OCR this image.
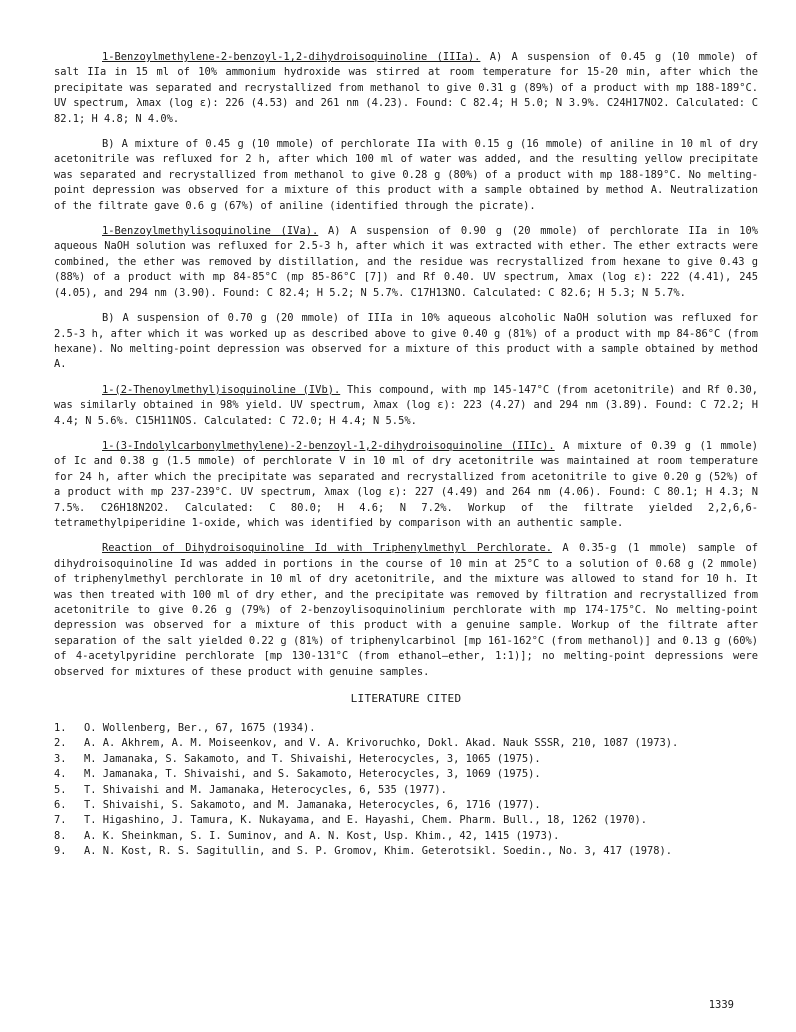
1-Benzoylmethylene-2-benzoyl-1,2-dihydroisoquinoline (IIIa). A) A suspension of 0.45 g (10 mmole) of salt IIa in 15 ml of 10% ammonium hydroxide was stirred at room temperature for 15-20 min, after which the precipitate was separated and recrystallized from methanol to give 0.31 g (89%) of a product with mp 188-189°C. UV spectrum, λmax (log ε): 226 (4.53) and 261 nm (4.23). Found: C 82.4; H 5.0; N 3.9%. C24H17NO2. Calculated: C 82.1; H 4.8; N 4.0%.

B) A mixture of 0.45 g (10 mmole) of perchlorate IIa with 0.15 g (16 mmole) of aniline in 10 ml of dry acetonitrile was refluxed for 2 h, after which 100 ml of water was added, and the resulting yellow precipitate was separated and recrystallized from methanol to give 0.28 g (80%) of a product with mp 188-189°C. No melting-point depression was observed for a mixture of this product with a sample obtained by method A. Neutralization of the filtrate gave 0.6 g (67%) of aniline (identified through the picrate).

1-Benzoylmethylisoquinoline (IVa). A) A suspension of 0.90 g (20 mmole) of perchlorate IIa in 10% aqueous NaOH solution was refluxed for 2.5-3 h, after which it was extracted with ether. The ether extracts were combined, the ether was removed by distillation, and the residue was recrystallized from hexane to give 0.43 g (88%) of a product with mp 84-85°C (mp 85-86°C [7]) and Rf 0.40. UV spectrum, λmax (log ε): 222 (4.41), 245 (4.05), and 294 nm (3.90). Found: C 82.4; H 5.2; N 5.7%. C17H13NO. Calculated: C 82.6; H 5.3; N 5.7%.

B) A suspension of 0.70 g (20 mmole) of IIIa in 10% aqueous alcoholic NaOH solution was refluxed for 2.5-3 h, after which it was worked up as described above to give 0.40 g (81%) of a product with mp 84-86°C (from hexane). No melting-point depression was observed for a mixture of this product with a sample obtained by method A.

1-(2-Thenoylmethyl)isoquinoline (IVb). This compound, with mp 145-147°C (from acetonitrile) and Rf 0.30, was similarly obtained in 98% yield. UV spectrum, λmax (log ε): 223 (4.27) and 294 nm (3.89). Found: C 72.2; H 4.4; N 5.6%. C15H11NOS. Calculated: C 72.0; H 4.4; N 5.5%.

1-(3-Indolylcarbonylmethylene)-2-benzoyl-1,2-dihydroisoquinoline (IIIc). A mixture of 0.39 g (1 mmole) of Ic and 0.38 g (1.5 mmole) of perchlorate V in 10 ml of dry acetonitrile was maintained at room temperature for 24 h, after which the precipitate was separated and recrystallized from acetonitrile to give 0.20 g (52%) of a product with mp 237-239°C. UV spectrum, λmax (log ε): 227 (4.49) and 264 nm (4.06). Found: C 80.1; H 4.3; N 7.5%. C26H18N2O2. Calculated: C 80.0; H 4.6; N 7.2%. Workup of the filtrate yielded 2,2,6,6-tetramethylpiperidine 1-oxide, which was identified by comparison with an authentic sample.

Reaction of Dihydroisoquinoline Id with Triphenylmethyl Perchlorate. A 0.35-g (1 mmole) sample of dihydroisoquinoline Id was added in portions in the course of 10 min at 25°C to a solution of 0.68 g (2 mmole) of triphenylmethyl perchlorate in 10 ml of dry acetonitrile, and the mixture was allowed to stand for 10 h. It was then treated with 100 ml of dry ether, and the precipitate was removed by filtration and recrystallized from acetonitrile to give 0.26 g (79%) of 2-benzoylisoquinolinium perchlorate with mp 174-175°C. No melting-point depression was observed for a mixture of this product with a genuine sample. Workup of the filtrate after separation of the salt yielded 0.22 g (81%) of triphenylcarbinol [mp 161-162°C (from methanol)] and 0.13 g (60%) of 4-acetylpyridine perchlorate [mp 130-131°C (from ethanol—ether, 1:1)]; no melting-point depressions were observed for mixtures of these product with genuine samples.

LITERATURE CITED
1. O. Wollenberg, Ber., 67, 1675 (1934).
2. A. A. Akhrem, A. M. Moiseenkov, and V. A. Krivoruchko, Dokl. Akad. Nauk SSSR, 210, 1087 (1973).
3. M. Jamanaka, S. Sakamoto, and T. Shivaishi, Heterocycles, 3, 1065 (1975).
4. M. Jamanaka, T. Shivaishi, and S. Sakamoto, Heterocycles, 3, 1069 (1975).
5. T. Shivaishi and M. Jamanaka, Heterocycles, 6, 535 (1977).
6. T. Shivaishi, S. Sakamoto, and M. Jamanaka, Heterocycles, 6, 1716 (1977).
7. T. Higashino, J. Tamura, K. Nukayama, and E. Hayashi, Chem. Pharm. Bull., 18, 1262 (1970).
8. A. K. Sheinkman, S. I. Suminov, and A. N. Kost, Usp. Khim., 42, 1415 (1973).
9. A. N. Kost, R. S. Sagitullin, and S. P. Gromov, Khim. Geterotsikl. Soedin., No. 3, 417 (1978).
1339
